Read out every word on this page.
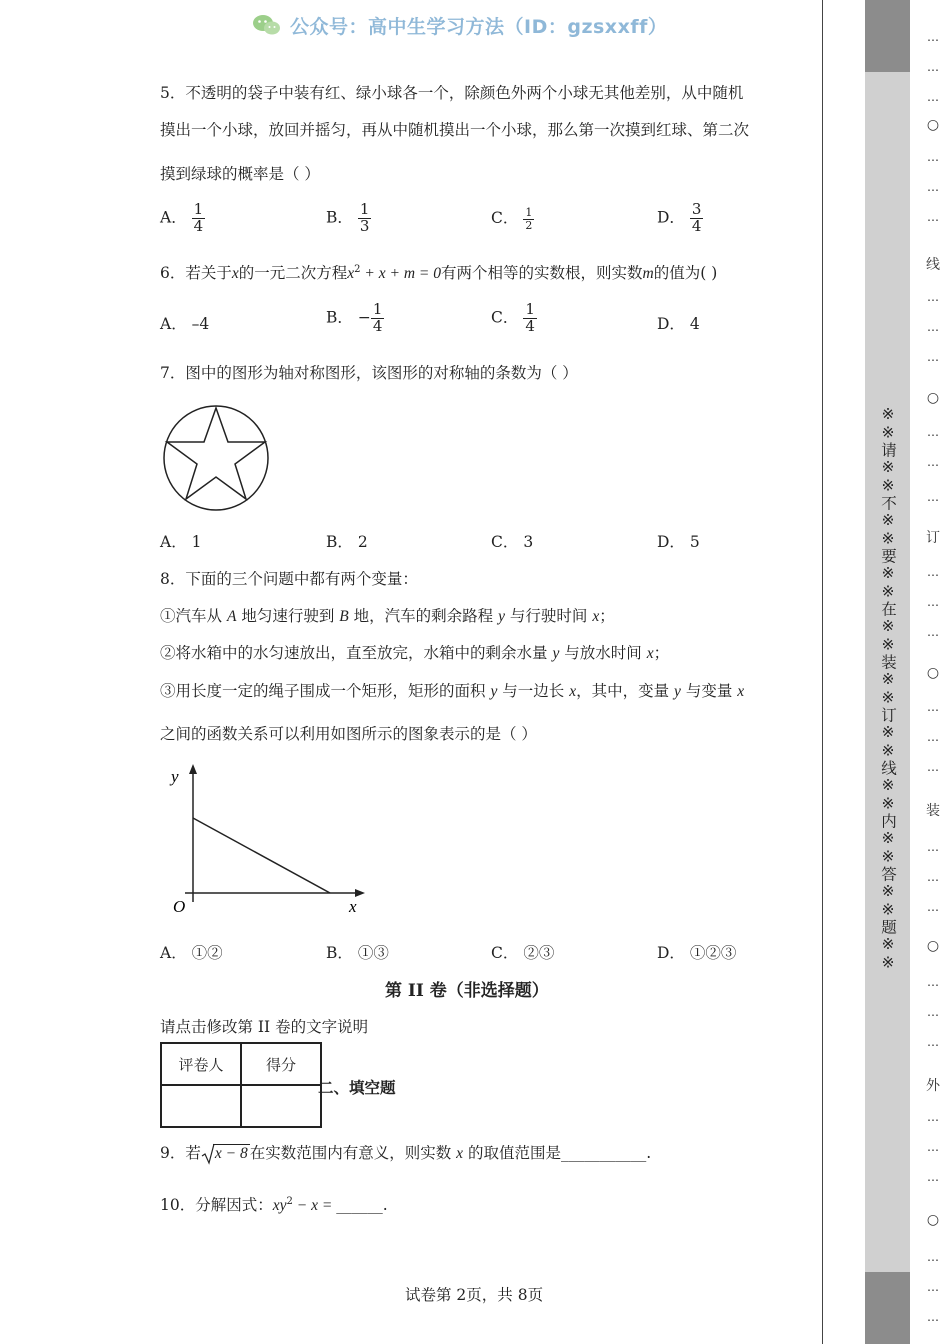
公众号：高中生学习方法（ID：gzsxxff）
5．不透明的袋子中装有红、绿小球各一个，除颜色外两个小球无其他差别，从中随机
摸出一个小球，放回并摇匀，再从中随机摸出一个小球，那么第一次摸到红球、第二次
摸到绿球的概率是（ ）
A． $\frac{1}{4}$	B． $\frac{1}{3}$	C． $\frac{1}{2}$	D． $\frac{3}{4}$
6．若关于x的一元二次方程$x^2 + x + m = 0$有两个相等的实数根，则实数m的值为( )
A． –4	B． − $\frac{1}{4}$	C． $\frac{1}{4}$	D． 4
7．图中的图形为轴对称图形，该图形的对称轴的条数为（ ）
A． 1	B． 2	C． 3	D． 5
8．下面的三个问题中都有两个变量：
①汽车从 A 地匀速行驶到 B 地，汽车的剩余路程 y 与行驶时间 x；
②将水箱中的水匀速放出，直至放完，水箱中的剩余水量 y 与放水时间 x；
③用长度一定的绳子围成一个矩形，矩形的面积 y 与一边长 x，其中，变量 y 与变量 x
之间的函数关系可以利用如图所示的图象表示的是（ ）
y
x
O
A． ①②	B． ①③	C． ②③	D． ①②③
第 II 卷（非选择题）
请点击修改第 II 卷的文字说明
评卷人	得分

二、填空题
9．若 x − 8 在实数范围内有意义，则实数 x 的取值范围是___________.
10．分解因式：$xy^2 - x$ = ______.
试卷第 2页，共 8页
※※请※※不※※要※※在※※装※※订※※线※※内※※答※※题※※
…
…
…
○
…
…
…
线
…
…
…
○
…
…
…
订
…
…
…
○
…
…
…
装
…
…
…
○
…
…
…
外
…
…
…
○
…
…
…
